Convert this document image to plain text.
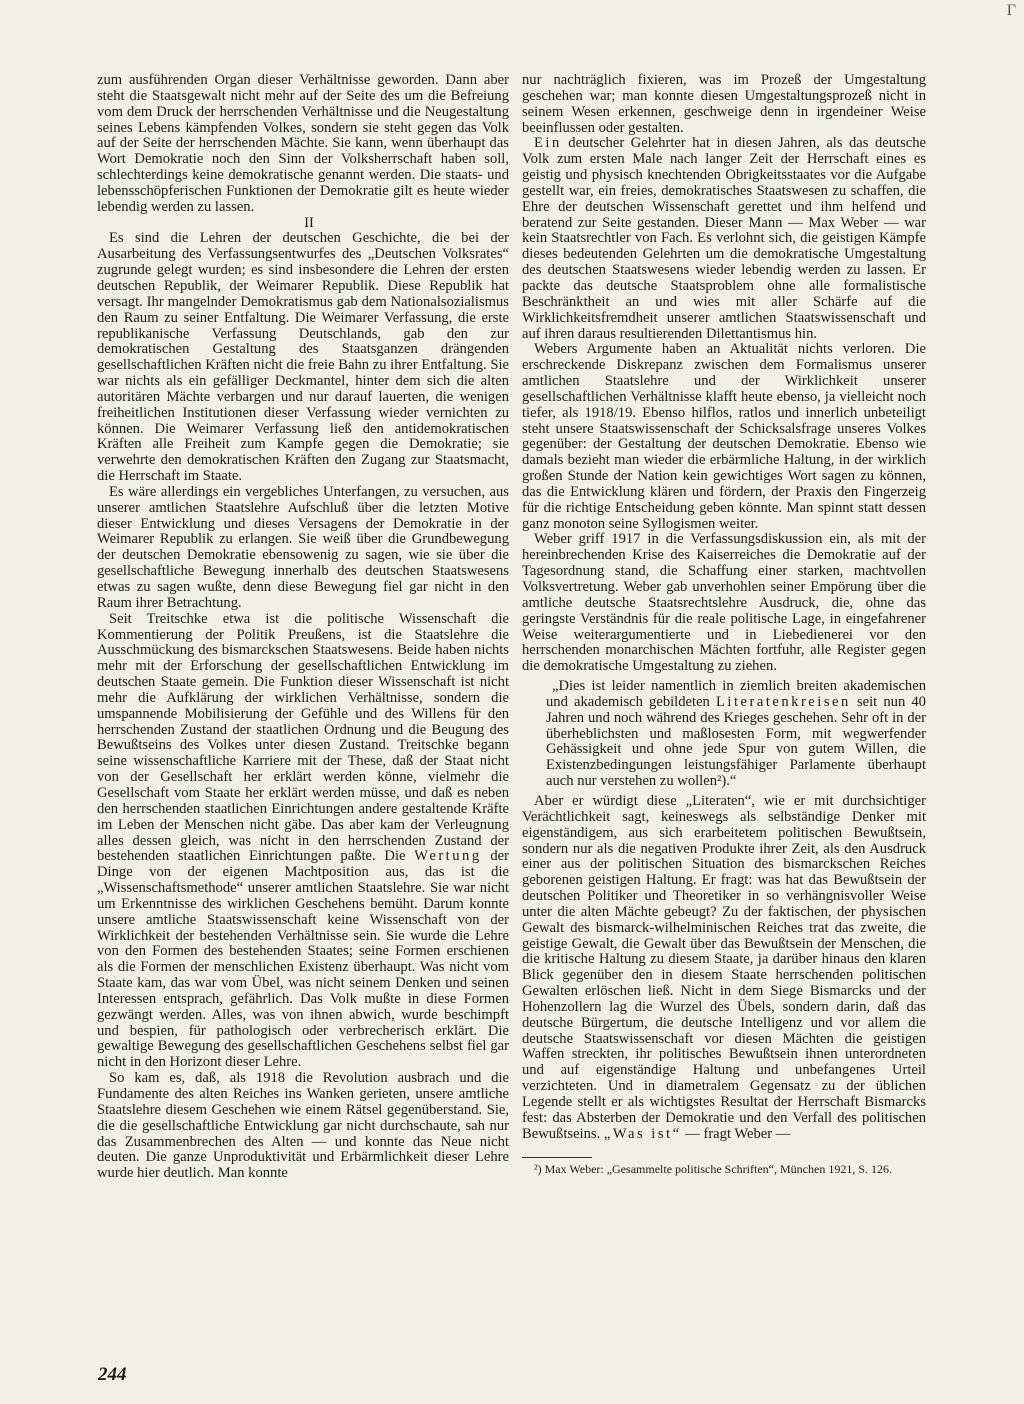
Γ

zum ausführenden Organ dieser Verhältnisse geworden. Dann aber steht die Staatsgewalt nicht mehr auf der Seite des um die Befreiung vom dem Druck der herrschenden Verhältnisse und die Neugestaltung seines Lebens kämpfenden Volkes, sondern sie steht gegen das Volk auf der Seite der herrschenden Mächte. Sie kann, wenn überhaupt das Wort Demokratie noch den Sinn der Volksherrschaft haben soll, schlechterdings keine demokratische genannt werden. Die staats- und lebensschöpferischen Funktionen der Demokratie gilt es heute wieder lebendig werden zu lassen.

II

Es sind die Lehren der deutschen Geschichte, die bei der Ausarbeitung des Verfassungsentwurfes des „Deutschen Volksrates“ zugrunde gelegt wurden; es sind insbesondere die Lehren der ersten deutschen Republik, der Weimarer Republik. Diese Republik hat versagt. Ihr mangelnder Demokratismus gab dem Nationalsozialismus den Raum zu seiner Entfaltung. Die Weimarer Verfassung, die erste republikanische Verfassung Deutschlands, gab den zur demokratischen Gestaltung des Staatsganzen drängenden gesellschaftlichen Kräften nicht die freie Bahn zu ihrer Entfaltung. Sie war nichts als ein gefälliger Deckmantel, hinter dem sich die alten autoritären Mächte verbargen und nur darauf lauerten, die wenigen freiheitlichen Institutionen dieser Verfassung wieder vernichten zu können. Die Weimarer Verfassung ließ den antidemokratischen Kräften alle Freiheit zum Kampfe gegen die Demokratie; sie verwehrte den demokratischen Kräften den Zugang zur Staatsmacht, die Herrschaft im Staate.

Es wäre allerdings ein vergebliches Unterfangen, zu versuchen, aus unserer amtlichen Staatslehre Aufschluß über die letzten Motive dieser Entwicklung und dieses Versagens der Demokratie in der Weimarer Republik zu erlangen. Sie weiß über die Grundbewegung der deutschen Demokratie ebensowenig zu sagen, wie sie über die gesellschaftliche Bewegung innerhalb des deutschen Staatswesens etwas zu sagen wußte, denn diese Bewegung fiel gar nicht in den Raum ihrer Betrachtung.

Seit Treitschke etwa ist die politische Wissenschaft die Kommentierung der Politik Preußens, ist die Staatslehre die Ausschmückung des bismarckschen Staatswesens. Beide haben nichts mehr mit der Erforschung der gesellschaftlichen Entwicklung im deutschen Staate gemein. Die Funktion dieser Wissenschaft ist nicht mehr die Aufklärung der wirklichen Verhältnisse, sondern die umspannende Mobilisierung der Gefühle und des Willens für den herrschenden Zustand der staatlichen Ordnung und die Beugung des Bewußtseins des Volkes unter diesen Zustand. Treitschke begann seine wissenschaftliche Karriere mit der These, daß der Staat nicht von der Gesellschaft her erklärt werden könne, vielmehr die Gesellschaft vom Staate her erklärt werden müsse, und daß es neben den herrschenden staatlichen Einrichtungen andere gestaltende Kräfte im Leben der Menschen nicht gäbe. Das aber kam der Verleugnung alles dessen gleich, was nicht in den herrschenden Zustand der bestehenden staatlichen Einrichtungen paßte. Die Wertung der Dinge von der eigenen Machtposition aus, das ist die „Wissenschaftsmethode“ unserer amtlichen Staatslehre. Sie war nicht um Erkenntnisse des wirklichen Geschehens bemüht. Darum konnte unsere amtliche Staatswissenschaft keine Wissenschaft von der Wirklichkeit der bestehenden Verhältnisse sein. Sie wurde die Lehre von den Formen des bestehenden Staates; seine Formen erschienen als die Formen der menschlichen Existenz überhaupt. Was nicht vom Staate kam, das war vom Übel, was nicht seinem Denken und seinen Interessen entsprach, gefährlich. Das Volk mußte in diese Formen gezwängt werden. Alles, was von ihnen abwich, wurde beschimpft und bespien, für pathologisch oder verbrecherisch erklärt. Die gewaltige Bewegung des gesellschaftlichen Geschehens selbst fiel gar nicht in den Horizont dieser Lehre.

So kam es, daß, als 1918 die Revolution ausbrach und die Fundamente des alten Reiches ins Wanken gerieten, unsere amtliche Staatslehre diesem Geschehen wie einem Rätsel gegenüberstand. Sie, die die gesellschaftliche Entwicklung gar nicht durchschaute, sah nur das Zusammenbrechen des Alten — und konnte das Neue nicht deuten. Die ganze Unproduktivität und Erbärmlichkeit dieser Lehre wurde hier deutlich. Man konnte

nur nachträglich fixieren, was im Prozeß der Umgestaltung geschehen war; man konnte diesen Umgestaltungsprozeß nicht in seinem Wesen erkennen, geschweige denn in irgendeiner Weise beeinflussen oder gestalten.

Ein deutscher Gelehrter hat in diesen Jahren, als das deutsche Volk zum ersten Male nach langer Zeit der Herrschaft eines es geistig und physisch knechtenden Obrigkeitsstaates vor die Aufgabe gestellt war, ein freies, demokratisches Staatswesen zu schaffen, die Ehre der deutschen Wissenschaft gerettet und ihm helfend und beratend zur Seite gestanden. Dieser Mann — Max Weber — war kein Staatsrechtler von Fach. Es verlohnt sich, die geistigen Kämpfe dieses bedeutenden Gelehrten um die demokratische Umgestaltung des deutschen Staatswesens wieder lebendig werden zu lassen. Er packte das deutsche Staatsproblem ohne alle formalistische Beschränktheit an und wies mit aller Schärfe auf die Wirklichkeitsfremdheit unserer amtlichen Staatswissenschaft und auf ihren daraus resultierenden Dilettantismus hin.

Webers Argumente haben an Aktualität nichts verloren. Die erschreckende Diskrepanz zwischen dem Formalismus unserer amtlichen Staatslehre und der Wirklichkeit unserer gesellschaftlichen Verhältnisse klafft heute ebenso, ja vielleicht noch tiefer, als 1918/19. Ebenso hilflos, ratlos und innerlich unbeteiligt steht unsere Staatswissenschaft der Schicksalsfrage unseres Volkes gegenüber: der Gestaltung der deutschen Demokratie. Ebenso wie damals bezieht man wieder die erbärmliche Haltung, in der wirklich großen Stunde der Nation kein gewichtiges Wort sagen zu können, das die Entwicklung klären und fördern, der Praxis den Fingerzeig für die richtige Entscheidung geben könnte. Man spinnt statt dessen ganz monoton seine Syllogismen weiter.

Weber griff 1917 in die Verfassungsdiskussion ein, als mit der hereinbrechenden Krise des Kaiserreiches die Demokratie auf der Tagesordnung stand, die Schaffung einer starken, machtvollen Volksvertretung. Weber gab unverhohlen seiner Empörung über die amtliche deutsche Staatsrechtslehre Ausdruck, die, ohne das geringste Verständnis für die reale politische Lage, in eingefahrener Weise weiterargumentierte und in Liebedienerei vor den herrschenden monarchischen Mächten fortfuhr, alle Register gegen die demokratische Umgestaltung zu ziehen.

„Dies ist leider namentlich in ziemlich breiten akademischen und akademisch gebildeten Literatenkreisen seit nun 40 Jahren und noch während des Krieges geschehen. Sehr oft in der überheblichsten und maßlosesten Form, mit wegwerfender Gehässigkeit und ohne jede Spur von gutem Willen, die Existenzbedingungen leistungsfähiger Parlamente überhaupt auch nur verstehen zu wollen²).“

Aber er würdigt diese „Literaten“, wie er mit durchsichtiger Verächtlichkeit sagt, keineswegs als selbständige Denker mit eigenständigem, aus sich erarbeitetem politischen Bewußtsein, sondern nur als die negativen Produkte ihrer Zeit, als den Ausdruck einer aus der politischen Situation des bismarckschen Reiches geborenen geistigen Haltung. Er fragt: was hat das Bewußtsein der deutschen Politiker und Theoretiker in so verhängnisvoller Weise unter die alten Mächte gebeugt? Zu der faktischen, der physischen Gewalt des bismarck-wilhelminischen Reiches trat das zweite, die geistige Gewalt, die Gewalt über das Bewußtsein der Menschen, die die kritische Haltung zu diesem Staate, ja darüber hinaus den klaren Blick gegenüber den in diesem Staate herrschenden politischen Gewalten erlöschen ließ. Nicht in dem Siege Bismarcks und der Hohenzollern lag die Wurzel des Übels, sondern darin, daß das deutsche Bürgertum, die deutsche Intelligenz und vor allem die deutsche Staatswissenschaft vor diesen Mächten die geistigen Waffen streckten, ihr politisches Bewußtsein ihnen unterordneten und auf eigenständige Haltung und unbefangenes Urteil verzichteten. Und in diametralem Gegensatz zu der üblichen Legende stellt er als wichtigstes Resultat der Herrschaft Bismarcks fest: das Absterben der Demokratie und den Verfall des politischen Bewußtseins. „Was ist“ — fragt Weber —

²) Max Weber: „Gesammelte politische Schriften“, München 1921, S. 126.

244
